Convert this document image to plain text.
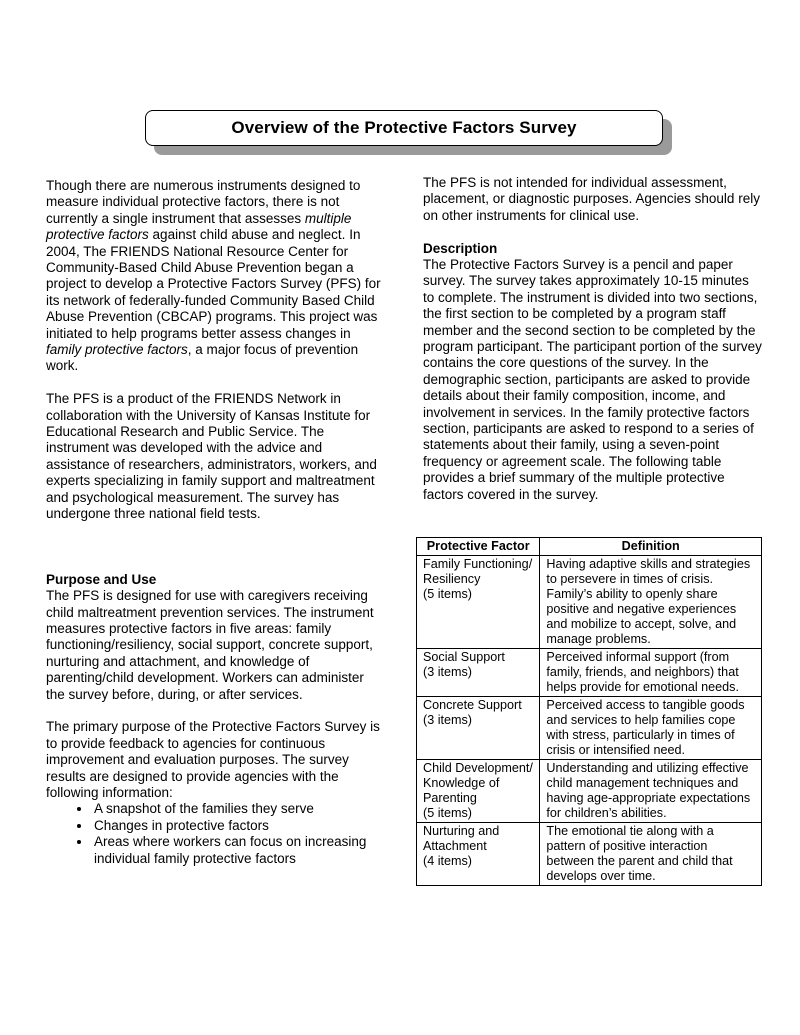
Overview of the Protective Factors Survey

Though there are numerous instruments designed to measure individual protective factors, there is not currently a single instrument that assesses multiple protective factors against child abuse and neglect. In 2004, The FRIENDS National Resource Center for Community-Based Child Abuse Prevention began a project to develop a Protective Factors Survey (PFS) for its network of federally-funded Community Based Child Abuse Prevention (CBCAP) programs. This project was initiated to help programs better assess changes in family protective factors, a major focus of prevention work.

The PFS is a product of the FRIENDS Network in collaboration with the University of Kansas Institute for Educational Research and Public Service. The instrument was developed with the advice and assistance of researchers, administrators, workers, and experts specializing in family support and maltreatment and psychological measurement. The survey has undergone three national field tests.

Purpose and Use

The PFS is designed for use with caregivers receiving child maltreatment prevention services. The instrument measures protective factors in five areas: family functioning/resiliency, social support, concrete support, nurturing and attachment, and knowledge of parenting/child development. Workers can administer the survey before, during, or after services.

The primary purpose of the Protective Factors Survey is to provide feedback to agencies for continuous improvement and evaluation purposes. The survey results are designed to provide agencies with the following information:

• A snapshot of the families they serve
• Changes in protective factors
• Areas where workers can focus on increasing individual family protective factors

The PFS is not intended for individual assessment, placement, or diagnostic purposes. Agencies should rely on other instruments for clinical use.

Description

The Protective Factors Survey is a pencil and paper survey. The survey takes approximately 10-15 minutes to complete. The instrument is divided into two sections, the first section to be completed by a program staff member and the second section to be completed by the program participant. The participant portion of the survey contains the core questions of the survey. In the demographic section, participants are asked to provide details about their family composition, income, and involvement in services. In the family protective factors section, participants are asked to respond to a series of statements about their family, using a seven-point frequency or agreement scale. The following table provides a brief summary of the multiple protective factors covered in the survey.

Protective Factor	Definition

Family Functioning/ Resiliency
(5 items)	Having adaptive skills and strategies to persevere in times of crisis. Family’s ability to openly share positive and negative experiences and mobilize to accept, solve, and manage problems.

Social Support
(3 items)	Perceived informal support (from family, friends, and neighbors) that helps provide for emotional needs.

Concrete Support
(3 items)	Perceived access to tangible goods and services to help families cope with stress, particularly in times of crisis or intensified need.

Child Development/ Knowledge of Parenting
(5 items)	Understanding and utilizing effective child management techniques and having age-appropriate expectations for children’s abilities.

Nurturing and Attachment
(4 items)	The emotional tie along with a pattern of positive interaction between the parent and child that develops over time.
